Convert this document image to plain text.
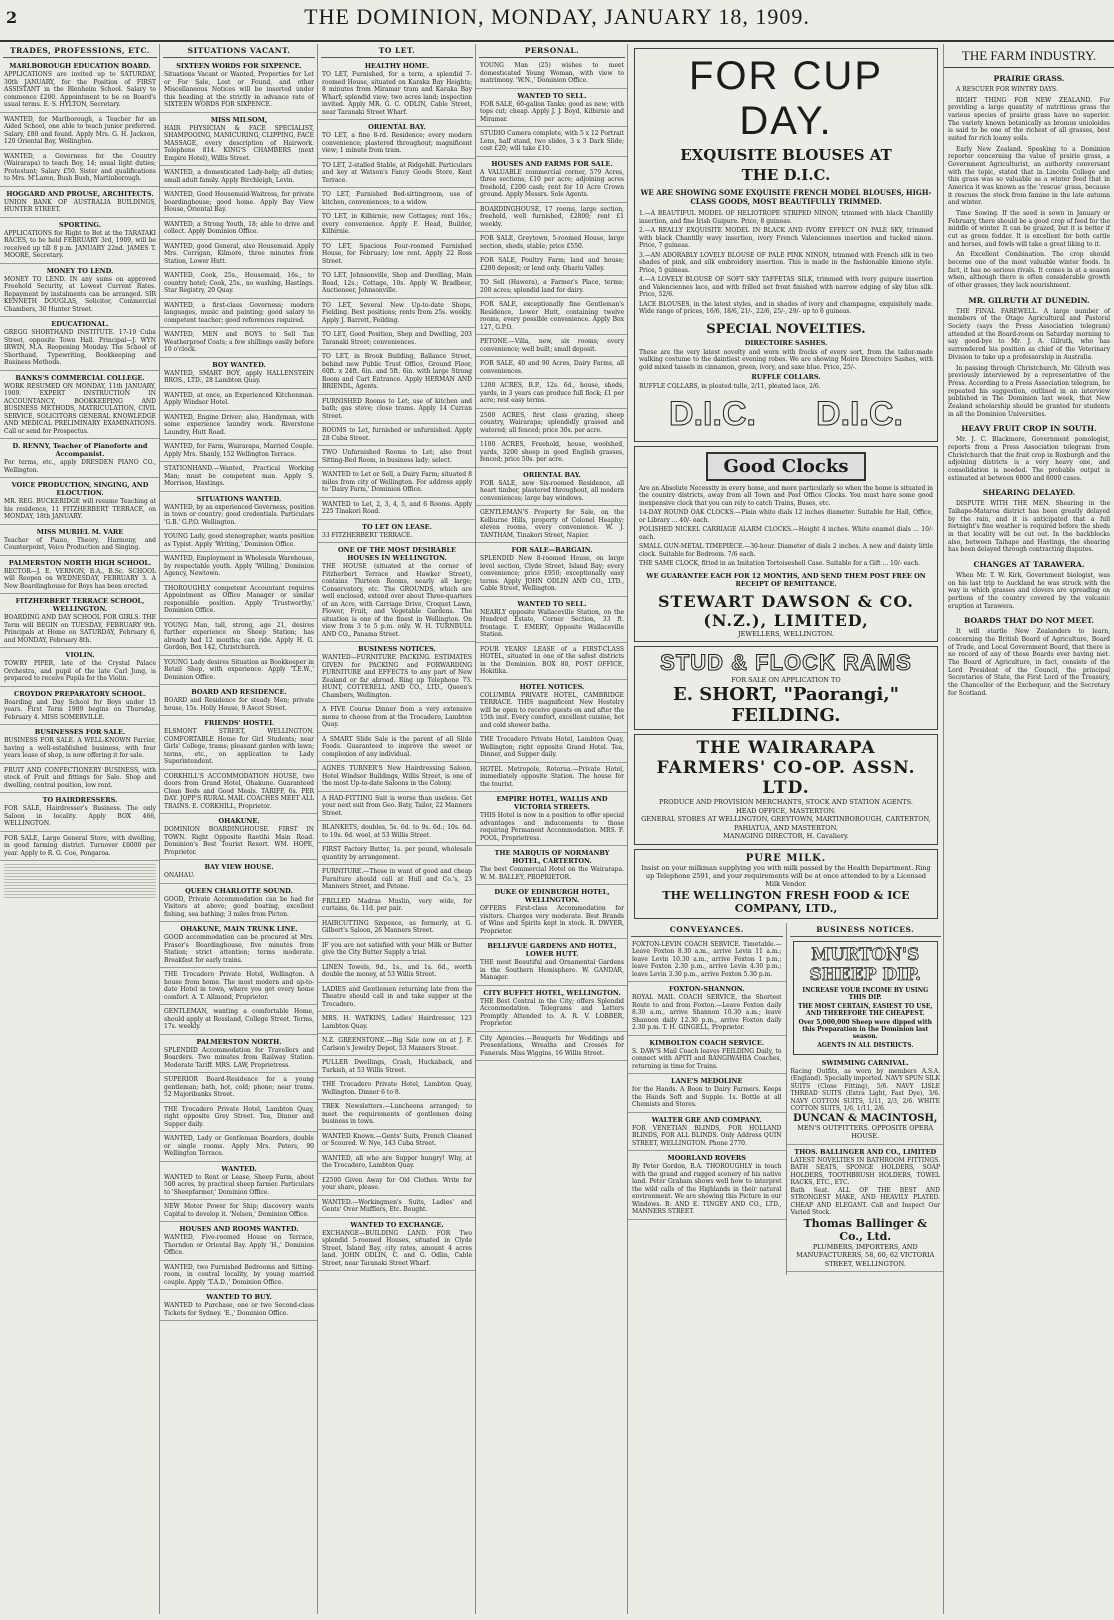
2	THE DOMINION, MONDAY, JANUARY 18, 1909.
TRADES, PROFESSIONS, ETC.
MARLBOROUGH EDUCATION BOARD.
APPLICATIONS are invited up to SATURDAY, 30th JANUARY, for the Position of FIRST ASSISTANT in the Blenheim School. Salary to commence £200. Appointment to be on Board's usual terms. E. S. HYLTON, Secretary.
WANTED, for Marlborough, a Teacher for an Aided School, one able to teach junior preferred. Salary, £80 and found. Apply Mrs. G. H. Jackson, 120 Oriental Bay, Wellington.
WANTED, a Governess for the Country (Wairarapa) to teach Boy, 14; usual light duties; Protestant; Salary £50. Sister and qualifications to Mrs. M'Laren, Bush Bush, Martinborough.
HOGGARD AND PROUSE, ARCHITECTS.
UNION BANK OF AUSTRALIA BUILDINGS, HUNTER STREET.
SPORTING.
APPLICATIONS for Right to Bet at the TARATAKI RACES, to be held FEBRUARY 3rd, 1909, will be received up till 8 p.m. JANUARY 22nd. JAMES T. MOORE, Secretary.
MONEY TO LEND.
MONEY TO LEND. IN any sums on approved Freehold Security, at Lowest Current Rates. Repayment by instalments can be arranged. SIR KENNETH DOUGLAS, Solicitor, Commercial Chambers, 30 Hunter Street.
EDUCATIONAL.
GREGG SHORTHAND INSTITUTE. 17-19 Cuba Street, opposite Town Hall. Principal—J. WYN IRWIN, M.A. Reopening Monday. The School of Shorthand, Typewriting, Bookkeeping and Business Methods.
BANKS'S COMMERCIAL COLLEGE.
WORK RESUMED ON MONDAY, 11th JANUARY, 1909. EXPERT INSTRUCTION IN ACCOUNTANCY, BOOKKEEPING AND BUSINESS METHODS, MATRICULATION, CIVIL SERVICE, SOLICITORS GENERAL KNOWLEDGE AND MEDICAL PRELIMINARY EXAMINATIONS. Call or send for Prospectus.
D. RENNY, Teacher of Pianoforte and Accompanist.
For terms, etc., apply DRESDEN PIANO CO., Wellington.
VOICE PRODUCTION, SINGING, AND ELOCUTION.
MR. REG. BUCKERIDGE will resume Teaching at his residence, 11 FITZHERBERT TERRACE, on MONDAY, 18th JANUARY.
MISS MURIEL M. VARE
Teacher of Piano, Theory, Harmony, and Counterpoint, Voice Production and Singing.
PALMERSTON NORTH HIGH SCHOOL.
RECTOR—J. E. VERNON, B.A., B.Sc. SCHOOL will Reopen on WEDNESDAY, FEBRUARY 3. A New Boardinghouse for Boys has been erected.
FITZHERBERT TERRACE SCHOOL, WELLINGTON.
BOARDING AND DAY SCHOOL FOR GIRLS. THE Term will BEGIN on TUESDAY, FEBRUARY 9th. Principals at Home on SATURDAY, February 6, and MONDAY, February 8th.
VIOLIN.
TOWRY PIPER, late of the Crystal Palace Orchestra, and pupil of the late Carl Jung, is prepared to receive Pupils for the Violin.
CROYDON PREPARATORY SCHOOL.
Boarding and Day School for Boys under 15 years. First Term 1909 begins on Thursday, February 4. MISS SOMERVILLE.
BUSINESSES FOR SALE.
BUSINESS FOR SALE. A WELL-KNOWN Farrier, having a well-established business, with four years lease of shop, is now offering it for sale.
FRUIT AND CONFECTIONERY BUSINESS, with stock of Fruit and fittings for Sale. Shop and dwelling, central position, low rent.
TO HAIRDRESSERS.
FOR SALE, Hairdresser's Business. The only Saloon in locality. Apply BOX 466, WELLINGTON.
FOR SALE, Large General Store, with dwelling, in good farming district. Turnover £6000 per year. Apply to R. G. Coe, Pongaroa.
SITUATIONS VACANT.
SIXTEEN WORDS FOR SIXPENCE.
Situations Vacant or Wanted, Properties for Let or For Sale, Lost or Found, and other Miscellaneous Notices will be inserted under this heading at the strictly in advance rate of SIXTEEN WORDS FOR SIXPENCE.
MISS MILSOM,
HAIR PHYSICIAN & FACE SPECIALIST, SHAMPOOING, MANICURING, CLIPPING, FACE MASSAGE, every description of Hairwork. Telephone 814. KING'S CHAMBERS (next Empire Hotel), Willis Street.
WANTED, a domesticated Lady-help; all duties; small adult family. Apply Birchleigh, Levin.
WANTED, Good Housemaid-Waitress, for private boardinghouse; good home. Apply Bay View House, Oriental Bay.
WANTED, a Strong Youth, 18; able to drive and collect. Apply Dominion Office.
WANTED, good General, also Housemaid. Apply Mrs. Corrigan, Kilmore, three minutes from Station, Lower Hutt.
WANTED, Cook, 25s., Housemaid, 16s., to country hotel; Cook, 25s., no washing, Hastings. Star Registry, 20 Quay.
WANTED, a first-class Governess; modern languages, music and painting; good salary to competent teacher; good references required.
WANTED, MEN and BOYS to Sell Tan Weatherproof Coats; a few shillings easily before 10 o'clock.
BOY WANTED.
WANTED, SMART BOY, apply HALLENSTEIN BROS., LTD., 28 Lambton Quay.
WANTED, at once, an Experienced Kitchenman. Apply Windsor Hotel.
WANTED, Engine Driver; also, Handyman, with some experience laundry work. Riverstone Laundry, Hutt Road.
WANTED, for Farm, Wairarapa, Married Couple. Apply Mrs. Shanly, 152 Wellington Terrace.
STATIONHAND.—Wanted, Practical Working Man; must be competent man. Apply S. Morrison, Hastings.
SITUATIONS WANTED.
WANTED, by an experienced Governess, position in town or country; good credentials. Particulars 'G.B.' G.P.O. Wellington.
YOUNG Lady, good stenographer, wants position as Typist. Apply 'Writing,' Dominion Office.
WANTED, Employment in Wholesale Warehouse, by respectable youth. Apply 'Willing,' Dominion Agency, Newtown.
THOROUGHLY competent Accountant requires Appointment as Office Manager or similar responsible position. Apply 'Trustworthy,' Dominion Office.
YOUNG Man, tall, strong, age 21, desires further experience on Sheep Station; has already had 12 months; can ride. Apply H. G. Gordon, Box 142, Christchurch.
YOUNG Lady desires Situation as Bookkeeper in Retail Shop, with experience. Apply 'T.E.W.,' Dominion Office.
BOARD AND RESIDENCE.
BOARD and Residence for steady Men; private house, 15s. Holly House, 9 Ascot Street.
FRIENDS' HOSTEL
ELSMONT STREET, WELLINGTON. COMFORTABLE Home for Girl Students; near Girls' College, trams; pleasant garden with lawn; terms, etc., on application to Lady Superintendent.
CORKHILL'S ACCOMMODATION HOUSE, two doors from Grand Hotel, Ohakune. Guaranteed Clean Beds and Good Meals. TARIFF, 6s. PER DAY. JOPP'S RURAL MAIL COACHES MEET ALL TRAINS. E. CORKHILL, Proprietor.
OHAKUNE.
DOMINION BOARDINGHOUSE. FIRST IN TOWN. Right Opposite Raetihi Main Road. Dominion's Best Tourist Resort. WM. HOPE, Proprietor.
BAY VIEW HOUSE.
ONAHAU.
QUEEN CHARLOTTE SOUND.
GOOD, Private Accommodation can be had for Visitors at above; good boating, excellent fishing, sea bathing; 3 miles from Picton.
OHAKUNE, MAIN TRUNK LINE.
GOOD accommodation can be procured at Mrs. Fraser's Boardinghouse, five minutes from Station; strict attention; terms moderate. Breakfast for early trains.
THE Trocadero Private Hotel, Wellington. A house from home. The most modern and up-to-date Hotel in town, where you get every home comfort. A. T. Allmond, Proprietor.
GENTLEMAN, wanting a comfortable Home, should apply at Rossland, College Street. Terms, 17s. weekly.
PALMERSTON NORTH.
SPLENDID Accommodation for Travellers and Boarders. Two minutes from Railway Station. Moderate Tariff. MRS. LAW, Proprietress.
SUPERIOR Board-Residence for a young gentleman; bath, hot, cold; phone; near trams. 52 Majoribanks Street.
THE Trocadero Private Hotel, Lambton Quay, right opposite Grey Street. Tea, Dinner and Supper daily.
WANTED, Lady or Gentleman Boarders, double or single rooms. Apply Mrs. Peters, 90 Wellington Terrace.
WANTED.
WANTED to Rent or Lease, Sheep Farm, about 500 acres, by practical sheep farmer. Particulars to 'Sheepfarmer,' Dominion Office.
NEW Motor Power for Ship; discovery wants Capital to develop it. 'Nelson,' Dominion Office.
HOUSES AND ROOMS WANTED.
WANTED, Five-roomed House on Terrace, Thorndon or Oriental Bay. Apply 'H.,' Dominion Office.
WANTED, two Furnished Bedrooms and Sitting-room, in central locality, by young married couple. Apply 'T.A.D.,' Dominion Office.
WANTED TO BUY.
WANTED to Purchase, one or two Second-class Tickets for Sydney. 'E.,' Dominion Office.
TO LET.
HEALTHY HOME.
TO LET, Furnished, for a term, a splendid 7-roomed House, situated on Karaka Bay Heights; 8 minutes from Miramar tram and Karaka Bay Wharf; splendid view; two acres land; inspection invited. Apply MR. G. C. ODLIN, Cable Street, near Taranaki Street Wharf.
ORIENTAL BAY.
TO LET, a fine 8-rd. Residence; every modern convenience; plastered throughout; magnificent view; 1 minute from tram.
TO LET, 2-stalled Stable, at Ridgehill. Particulars and key at Watson's Fancy Goods Store, Kent Terrace.
TO LET, Furnished Bed-sittingroom, use of kitchen, conveniences, to a widow.
TO LET, in Kilbirnie, new Cottages; rent 16s.; every convenience. Apply F. Head, Builder, Kilbirnie.
TO LET, Spacious Four-roomed Furnished House, for February; low rent. Apply 22 Ross Street.
TO LET, Johnsonville, Shop and Dwelling, Main Road, 12s.; Cottage, 10s. Apply W. Bradbeer, Auctioneer, Johnsonville.
TO LET, Several New Up-to-date Shops, Fielding. Best positions; rents from 25s. weekly. Apply J. Barrett, Feilding.
TO LET, Good Position, Shop and Dwelling, 203 Taranaki Street; conveniences.
TO LET, in Brook Building, Ballance Street, behind new Public Trust Office, Ground Floor, 60ft. x 24ft. 6in. and 5ft. 6in. with large Strong Room and Cart Entrance. Apply HERMAN AND BRIENDL, Agents.
FURNISHED Rooms to Let; use of kitchen and bath; gas stove; close trams. Apply 14 Curran Street.
ROOMS to Let, furnished or unfurnished. Apply 28 Cuba Street.
TWO Unfurnished Rooms to Let; also front Sitting-Bed Room, in business lady; select.
WANTED to Let or Sell, a Dairy Farm; situated 8 miles from city of Wellington. For address apply to 'Dairy Farm,' Dominion Office.
WANTED to Let, 2, 3, 4, 5, and 6 Rooms. Apply 225 Tinakori Road.
TO LET ON LEASE.
33 FITZHERBERT TERRACE.
ONE OF THE MOST DESIRABLE HOUSES IN WELLINGTON.
THE HOUSE (situated at the corner of Fitzherbert Terrace and Hawker Street), contains Thirteen Rooms, nearly all large; Conservatory, etc. The GROUNDS, which are well enclosed, extend over about Three-quarters of an Acre, with Carriage Drive, Croquet Lawn, Flower, Fruit, and Vegetable Gardens. The situation is one of the finest in Wellington. On view from 3 to 5 p.m. only. W. H. TURNBULL AND CO., Panama Street.
BUSINESS NOTICES.
WANTED—FURNITURE PACKING. ESTIMATES GIVEN for PACKING and FORWARDING FURNITURE and EFFECTS to any part of New Zealand or far abroad. Ring up Telephone 73. HUNT, COTTERELL AND CO., LTD., Queen's Chambers, Wellington.
A FIVE Course Dinner from a very extensive menu to choose from at the Trocadero, Lambton Quay.
A SMART Slide Sale is the parent of all Slide Foods. Guaranteed to improve the sweet or complexion of any individual.
AGNES TURNER'S New Hairdressing Saloon, Hotel Windsor Buildings, Willis Street, is one of the most Up-to-date Saloons in the Colony.
A HAD-FITTING Suit is worse than useless. Get your next suit from Geo. Baty, Tailor, 22 Manners Street.
BLANKETS, doubles, 5s. 6d. to 9s. 6d.; 10s. 6d. to 19s. 6d. wool, at 53 Willis Street.
FIRST Factory Butter, 1s. per pound, wholesale quantity by arrangement.
FURNITURE.—Those in want of good and cheap Furniture should call at Hull and Co.'s, 23 Manners Street, and Petone.
FRILLED Madras Muslin, very wide, for curtains, 6s. 11d. per pair.
HAIRCUTTING Sixpence, as formerly, at G. Gilbert's Saloon, 26 Manners Street.
IF you are not satisfied with your Milk or Butter give the City Butter Supply a trial.
LINEN Towels, 9d., 1s., and 1s. 6d., worth double the money, at 53 Willis Street.
LADIES and Gentlemen returning late from the Theatre should call in and take supper at the Trocadero.
MRS. H. WATKINS, Ladies' Hairdresser, 123 Lambton Quay.
N.Z. GREENSTONE.—Big Sale now on at J. F. Carlson's Jewelry Depot, 53 Manners Street.
PULLER Dwellings, Crash, Huckaback, and Turkish, at 53 Willis Street.
THE Trocadero Private Hotel, Lambton Quay, Wellington. Dinner 6 to 8.
TREK Newsletters.—Luncheons arranged; to meet the requirements of gentlemen doing business in town.
WANTED Known.—Gents' Suits, French Cleaned or Scoured. W. Nye, 143 Cuba Street.
WANTED, all who are Supper hungry! Why, at the Trocadero, Lambton Quay.
£2500 Given Away for Old Clothes. Write for your share, please.
WANTED.—Workingmen's Suits, Ladies' and Gents' Over Mufflers, Etc. Bought.
WANTED TO EXCHANGE.
EXCHANGE—BUILDING LAND. FOR Two splendid 5-roomed Houses, situated in Clyde Street, Island Bay, city rates, amount 4 acres land. JOHN ODLIN, C. and G. Odlin, Cable Street, near Taranaki Street Wharf.
PERSONAL.
YOUNG Man (25) wishes to meet domesticated Young Woman, with view to matrimony. 'W.N.,' Dominion Office.
WANTED TO SELL.
FOR SALE, 60-gallon Tanks; good as new; with tops cut; cheap. Apply J. J. Boyd, Kilbirnie and Miramar.
STUDIO Camera complete, with 5 x 12 Portrait Lens, half stand, two slides, 3 x 3 Dark Slide; cost £20; will take £10.
HOUSES AND FARMS FOR SALE.
A VALUABLE commercial corner, 579 Acres, three sections, £10 per acre; adjoining acres freehold, £200 cash; rent for 10 Acre Crown ground. Apply Messrs. Sole Agents.
BOARDINGHOUSE, 17 rooms, large section, freehold, well furnished, £2800; rent £1 weekly.
FOR SALE, Greytown, 5-roomed House, large section, sheds, stable; price £550.
FOR SALE, Poultry Farm; land and house; £200 deposit; or lend only. Ohariu Valley.
TO Sell (Hawera), a Farmer's Place, terms; 200 acres; splendid land for dairy.
FOR SALE, exceptionally fine Gentleman's Residence, Lower Hutt, containing twelve rooms, every possible convenience. Apply Box 127, G.P.O.
PETONE.—Villa, new, six rooms; every convenience; well built; small deposit.
FOR SALE, 40 and 90 Acres, Dairy Farms, all conveniences.
1200 ACRES, B.P., 12s. 6d., house, sheds, yards, in 3 years can produce full flock; £1 per acre; rest easy terms.
2500 ACRES, first class grazing, sheep country, Wairarapa; splendidly grassed and watered; all fenced; price 30s. per acre.
1100 ACRES, Freehold, house, woolshed, yards, 3200 sheep in good English grasses, fenced; price 50s. per acre.
ORIENTAL BAY.
FOR SALE, new Six-roomed Residence, all heart timber, plastered throughout, all modern conveniences; large bay windows.
GENTLEMAN'S Property for Sale, on the Kelburne Hills, property of Colonel Heaphy; eleven rooms, every convenience. W. J. TANTHAM, Tinakori Street, Napier.
FOR SALE—BARGAIN.
SPLENDID New 8-roomed House, on large level section, Clyde Street, Island Bay; every convenience; price £950; exceptionally easy terms. Apply JOHN ODLIN AND CO., LTD., Cable Street, Wellington.
WANTED TO SELL.
NEARLY opposite Wallaceville Station, on the Hundred Estate, Corner Section, 33 ft. frontage. T. EMERY, Opposite Wallaceville Station.
FOUR YEARS' LEASE of a FIRST-CLASS HOTEL, situated in one of the safest districts in the Dominion. BOX 80, POST OFFICE, Hokitika.
HOTEL NOTICES.
COLUMBIA PRIVATE HOTEL, CAMBRIDGE TERRACE. THIS magnificent New Hostelry will be open to receive guests on and after the 15th inst. Every comfort, excellent cuisine, hot and cold shower baths.
THE Trocadero Private Hotel, Lambton Quay, Wellington; right opposite Grand Hotel. Tea, Dinner, and Supper daily.
HOTEL Metropole, Rotorua.—Private Hotel, immediately opposite Station. The house for the tourist.
EMPIRE HOTEL, WALLIS AND VICTORIA STREETS.
THIS Hotel is now in a position to offer special advantages and inducements to those requiring Permanent Accommodation. MRS. F. POOL, Proprietress.
THE MARQUIS OF NORMANBY HOTEL, CARTERTON.
The best Commercial Hotel on the Wairarapa. W. M. BALLEY, PROPRIETOR.
DUKE OF EDINBURGH HOTEL, WELLINGTON.
OFFERS First-class Accommodation for visitors. Charges very moderate. Best Brands of Wine and Spirits kept in stock. R. DWYER, Proprietor.
BELLEVUE GARDENS AND HOTEL, LOWER HUTT.
THE most Beautiful and Ornamental Gardens in the Southern Hemisphere. W. GANDAR, Manager.
CITY BUFFET HOTEL, WELLINGTON.
THE Best Central in the City; offers Splendid Accommodation. Telegrams and Letters Promptly Attended to. A. R. V. LOBBER, Proprietor.
City Agencies.—Bouquets for Weddings and Presentations, Wreaths and Crosses for Funerals. Miss Wiggins, 16 Willis Street.
FOR CUP DAY.
EXQUISITE BLOUSES AT
THE D.I.C.
WE ARE SHOWING SOME EXQUISITE FRENCH MODEL BLOUSES, HIGH-CLASS GOODS, MOST BEAUTIFULLY TRIMMED.
1.—A BEAUTIFUL MODEL OF HELIOTROPE STRIPED NINON, trimmed with black Chantilly insertion, and fine Irish Guipure. Price, 8 guineas.
2.—A REALLY EXQUISITE MODEL IN BLACK AND IVORY EFFECT ON PALE SKY, trimmed with black Chantilly wavy insertion, ivory French Valenciennes insertion and tucked ninon. Price, 7 guineas.
3.—AN ADORABLY LOVELY BLOUSE OF PALE PINK NINON, trimmed with French silk in two shades of pink, and silk embroidery insertion. This is made in the fashionable kimono style. Price, 5 guineas.
4.—A LOVELY BLOUSE OF SOFT SKY TAFFETAS SILK, trimmed with ivory guipure insertion and Valenciennes lace, and with frilled net front finished with narrow edging of sky blue silk. Price, 52/6.
LACE BLOUSES, in the latest styles, and in shades of ivory and champagne, exquisitely made. Wide range of prices, 16/6, 18/6, 21/-, 22/6, 25/-, 29/- up to 6 guineas.
SPECIAL NOVELTIES.
DIRECTOIRE SASHES.
These are the very latest novelty and worn with frocks of every sort, from the tailor-made walking costume to the daintiest evening robes. We are showing Moire Directoire Sashes, with gold mixed tassels in cinnamon, green, ivory, and saxe blue. Price, 25/-.
RUFFLE COLLARS.
RUFFLE COLLARS, in pleated tulle, 2/11, pleated lace, 2/6.
D.I.C. D.I.C.
Good Clocks
Are an Absolute Necessity in every home, and more particularly so when the home is situated in the country districts, away from all Town and Post Office Clocks. You must have some good inexpensive clock that you can rely to catch Trains, Buses, etc.
14-DAY ROUND OAK CLOCKS.—Plain white dials 12 inches diameter. Suitable for Hall, Office, or Library ... 40/- each.
POLISHED NICKEL CARRIAGE ALARM CLOCKS.—Height 4 inches. White enamel dials ... 10/- each.
SMALL GUN-METAL TIMEPIECE.—30-hour. Diameter of dials 2 inches. A new and dainty little clock. Suitable for Bedroom. 7/6 each.
THE SAME CLOCK, fitted in an Imitation Tortoiseshell Case. Suitable for a Gift ... 10/- each.
WE GUARANTEE EACH FOR 12 MONTHS, AND SEND THEM POST FREE ON RECEIPT OF REMITTANCE.
STEWART DAWSON & CO. (N.Z.), LIMITED,
JEWELLERS, WELLINGTON.
STUD & FLOCK RAMS
FOR SALE ON APPLICATION TO
E. SHORT, "Paorangi,"
FEILDING.
THE WAIRARAPA FARMERS' CO-OP. ASSN. LTD.
PRODUCE AND PROVISION MERCHANTS, STOCK AND STATION AGENTS.
HEAD OFFICE, MASTERTON.
GENERAL STORES AT WELLINGTON, GREYTOWN, MARTINBOROUGH, CARTERTON, PAHIATUA, AND MASTERTON.
MANAGING DIRECTOR, H. Cavaliery.
PURE MILK.
Insist on your milkman supplying you with milk passed by the Health Department. Ring up Telephone 2591, and your requirements will be at once attended to by a Licensed Milk Vendor.
THE WELLINGTON FRESH FOOD & ICE
COMPANY, LTD.,
CONVEYANCES.
FOXTON-LEVIN COACH SERVICE. Timetable.—Leave Foxton 8.30 a.m., arrive Levin 11 a.m.; leave Levin 10.30 a.m., arrive Foxton 1 p.m.; leave Foxton 2.30 p.m., arrive Levin 4.30 p.m.; leave Levin 3.30 p.m., arrive Foxton 5.30 p.m.
FOXTON-SHANNON.
ROYAL MAIL COACH SERVICE, the Shortest Route to and from Foxton.—Leave Foxton daily 8.30 a.m., arrive Shannon 10.30 a.m.; leave Shannon daily 12.30 p.m., arrive Foxton daily 2.30 p.m. T. H. GINGELL, Proprietor.
KIMBOLTON COACH SERVICE.
S. DAW'S Mail Coach leaves FEILDING Daily, to connect with APITI and RANGIWAHIA Coaches, returning in time for Trains.
LANE'S MEDOLINE
for the Hands. A Boon to Dairy Farmers. Keeps the Hands Soft and Supple. 1s. Bottle at all Chemists and Stores.
WALTER GRE AND COMPANY.
FOR VENETIAN BLINDS, FOR HOLLAND BLINDS, FOR ALL BLINDS. Only Address QUIN STREET, WELLINGTON. Phone 2770.
MOORLAND ROVERS
By Peter Gordon, R.A. THOROUGHLY in touch with the grand and rugged scenery of his native land. Peter Graham shows well how to interpret the wild calls of the Highlands in their natural environment. We are showing this Picture in our Windows. B. AND E. TINGEY AND CO., LTD., MANNERS STREET.
BUSINESS NOTICES.
MURTON'S
SHEEP DIP.
INCREASE YOUR INCOME BY USING THIS DIP.
THE MOST CERTAIN, EASIEST TO USE, AND THEREFORE THE CHEAPEST.
Over 5,000,000 Sheep were dipped with this Preparation in the Dominion last season.
AGENTS IN ALL DISTRICTS.
SWIMMING CARNIVAL.
Racing Outfits, as worn by members A.S.A. (England). Specially imported. NAVY SPUN SILK SUITS (Close Fitting), 5/6. NAVY LISLE THREAD SUITS (Extra Light, Fast Dye), 3/6. NAVY COTTON SUITS, 1/11, 2/3, 2/6. WHITE COTTON SUITS, 1/6, 1/11, 2/6.
DUNCAN & MACINTOSH,
MEN'S OUTFITTERS. OPPOSITE OPERA HOUSE.
THOS. BALLINGER AND CO., LIMITED
LATEST NOVELTIES IN BATHROOM FITTINGS. BATH SEATS, SPONGE HOLDERS, SOAP HOLDERS, TOOTHBRUSH HOLDERS, TOWEL RACKS, ETC., ETC.
Bath Seat. ALL OF THE BEST AND STRONGEST MAKE, AND HEAVILY PLATED. CHEAP AND ELEGANT. Call and Inspect Our Varied Stock.
Thomas Ballinger & Co., Ltd.
PLUMBERS, IMPORTERS, AND MANUFACTURERS, 58, 60, 62 VICTORIA STREET, WELLINGTON.
THE FARM INDUSTRY.
PRAIRIE GRASS.
A RESCUER FOR WINTRY DAYS.
RIGHT THING FOR NEW ZEALAND. For providing a large quantity of nutritious grass the various species of prairie grass have no superior. The variety known botanically as bromus unioloides is said to be one of the richest of all grasses, best suited for rich loamy soils.
Early New Zealand. Speaking to a Dominion reporter concerning the value of prairie grass, a Government Agriculturist, an authority conversant with the topic, stated that in Lincoln College and this grass was so valuable as a winter feed that in America it was known as the 'rescue' grass, because it rescues the stock from famine in the late autumn and winter.
Time Sowing. If the seed is sown in January or February, there should be a good crop of feed for the middle of winter. It can be grazed, but it is better if cut as green fodder. It is excellent for both cattle and horses, and fowls will take a great liking to it.
An Excellent Combination. The crop should become one of the most valuable winter foods. In fact, it has no serious rivals. It comes in at a season when, although there is often considerable growth of other grasses, they lack nourishment.
MR. GILRUTH AT DUNEDIN.
THE FINAL FAREWELL. A large number of members of the Otago Agricultural and Pastoral Society (says the Press Association telegram) attended at the Board-room on Saturday morning to say good-bye to Mr. J. A. Gilruth, who has surrendered his position as chief of the Veterinary Division to take up a professorship in Australia.
In passing through Christchurch, Mr. Gilruth was previously interviewed by a representative of the Press. According to a Press Association telegram, he repeated his suggestion, outlined in an interview published in The Dominion last week, that New Zealand scholarship should be granted for students in all the Dominion Universities.
HEAVY FRUIT CROP IN SOUTH.
Mr. J. C. Blackmore, Government pomologist, reports from a Press Association telegram from Christchurch that the fruit crop in Roxburgh and the adjoining districts is a very heavy one, and consolidation is needed. The probable output is estimated at between 6000 and 8000 cases.
SHEARING DELAYED.
DISPUTE WITH THE MEN. Shearing in the Taihape-Mataroa district has been greatly delayed by the rain, and it is anticipated that a full fortnight's fine weather is required before the sheds in that locality will be cut out. In the backblocks also, between Taihape and Hastings, the shearing has been delayed through contracting disputes.
CHANGES AT TARAWERA.
When Mr. T. W. Kirk, Government biologist, was on his last trip to Auckland he was struck with the way in which grasses and clovers are spreading on portions of the country covered by the volcanic eruption at Tarawera.
BOARDS THAT DO NOT MEET.
It will startle New Zealanders to learn, concerning the British Board of Agriculture, Board of Trade, and Local Government Board, that there is no record of any of these Boards ever having met. The Board of Agriculture, in fact, consists of the Lord President of the Council, the principal Secretaries of State, the First Lord of the Treasury, the Chancellor of the Exchequer, and the Secretary for Scotland.
